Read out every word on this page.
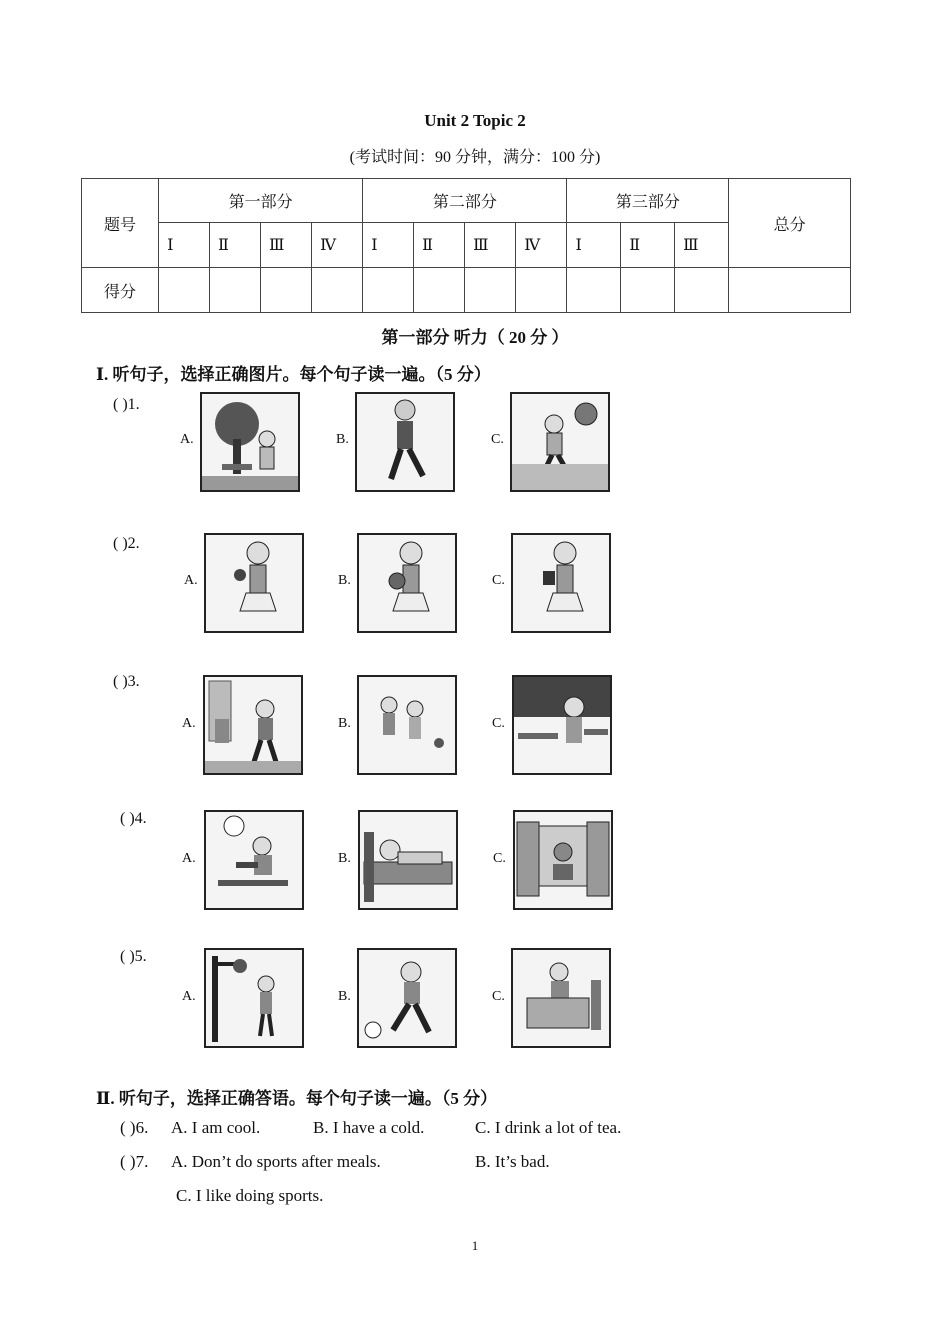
Unit 2 Topic 2
(考试时间：90 分钟，满分：100 分)
题号	第一部分				第二部分				第三部分			总分
	Ⅰ	Ⅱ	Ⅲ	Ⅳ	Ⅰ	Ⅱ	Ⅲ	Ⅳ	Ⅰ	Ⅱ	Ⅲ	
得分												
第一部分 听力（ 20 分 ）
Ⅰ. 听句子，选择正确图片。每个句子读一遍。（5 分）
( )1.
A.	B.	C.
( )2.
A.	B.	C.
( )3.
A.	B.	C.
( )4.
A.	B.	C.
( )5.
A.	B.	C.
Ⅱ. 听句子，选择正确答语。每个句子读一遍。（5 分）
( )6. A. I am cool.	B. I have a cold.	C. I drink a lot of tea.
( )7. A. Don’t do sports after meals.	B. It’s bad.
C. I like doing sports.
1
